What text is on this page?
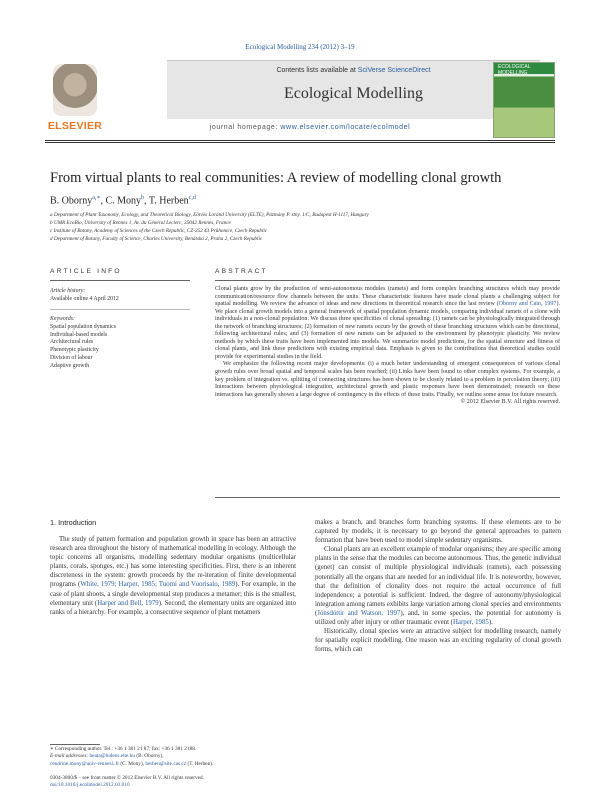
Ecological Modelling 234 (2012) 3–19
ELSEVIER
Contents lists available at SciVerse ScienceDirect
Ecological Modelling
ECOLOGICAL MODELLING
journal homepage: www.elsevier.com/locate/ecolmodel
From virtual plants to real communities: A review of modelling clonal growth
B. Oborny$^{a,∗}$, C. Mony$^b$, T. Herben$^{c,d}$
a Department of Plant Taxonomy, Ecology, and Theoretical Biology, Eötvös Loránd University (ELTE), Pázmány P. stny. 1/C, Budapest H-1117, Hungary
b UMR EcoBio, University of Rennes 1, Av. du Général Leclerc, 35042 Rennes, France
c Institute of Botany, Academy of Sciences of the Czech Republic, CZ-252 43 Průhonice, Czech Republic
d Department of Botany, Faculty of Science, Charles University, Benátská 2, Praha 2, Czech Republic
ARTICLE INFO	ABSTRACT
Article history:
Available online 4 April 2012
Keywords:
Spatial population dynamics
Individual-based models
Architectural rules
Phenotypic plasticity
Division of labour
Adaptive growth

Clonal plants grow by the production of semi-autonomous modules (ramets) and form complex branching structures which may provide communication/resource flow channels between the units. These characteristic features have made clonal plants a challenging subject for spatial modelling. We review the advance of ideas and new directions in theoretical research since the last review (Oborny and Cain, 1997). We place clonal growth models into a general framework of spatial population dynamic models, comparing individual ramets of a clone with individuals in a non-clonal population. We discuss three specificities of clonal spreading: (1) ramets can be physiologically integrated through the network of branching structures; (2) formation of new ramets occurs by the growth of these branching structures which can be directional, following architectural rules; and (3) formation of new ramets can be adjusted to the environment by phenotypic plasticity. We review methods by which these traits have been implemented into models. We summarize model predictions, for the spatial structure and fitness of clonal plants, and link these predictions with existing empirical data. Emphasis is given to the contributions that theoretical studies could provide for experimental studies in the field.

We emphasize the following recent major developments: (i) a much better understanding of emergent consequences of various clonal growth rules over broad spatial and temporal scales has been reached; (ii) Links have been found to other complex systems. For example, a key problem of integration vs. splitting of connecting structures has been shown to be closely related to a problem in percolation theory; (iii) Interactions between physiological integration, architectural growth and plastic responses have been demonstrated; research on these interactions has generally shown a large degree of contingency in the effects of these traits. Finally, we outline some areas for future research.

© 2012 Elsevier B.V. All rights reserved.
1. Introduction

The study of pattern formation and population growth in space has been an attractive research area throughout the history of mathematical modelling in ecology. Although the topic concerns all organisms, modelling sedentary modular organisms (multicellular plants, corals, sponges, etc.) has some interesting specificities. First, there is an inherent discreteness in the system: growth proceeds by the re-iteration of finite developmental programs (White, 1979; Harper, 1985; Tuomi and Vuorisalo, 1989). For example, in the case of plant shoots, a single developmental step produces a metamer; this is the smallest, elementary unit (Harper and Bell, 1979). Second, the elementary units are organized into ranks of a hierarchy. For example, a consecutive sequence of plant metamers

makes a branch, and branches form branching systems. If these elements are to be captured by models, it is necessary to go beyond the general approaches to pattern formation that have been used to model simple sedentary organisms.

Clonal plants are an excellent example of modular organisms; they are specific among plants in the sense that the modules can become autonomous. Thus, the genetic individual (genet) can consist of multiple physiological individuals (ramets), each possessing potentially all the organs that are needed for an individual life. It is noteworthy, however, that the definition of clonality does not require the actual occurrence of full independence; a potential is sufficient. Indeed, the degree of autonomy/physiological integration among ramets exhibits large variation among clonal species and environments (Jónsdóttir and Watson, 1997), and, in some species, the potential for autonomy is utilized only after injury or other traumatic event (Harper, 1985).

Historically, clonal species were an attractive subject for modelling research, namely for spatially explicit modelling. One reason was an exciting regularity of clonal growth forms, which can

∗ Corresponding author. Tel.: +36 1 381 21 87; fax: +36 1 381 2188.
E-mail addresses: beata@ludens.elte.hu (B. Oborny),
cendrine.mony@univ-rennes1.fr (C. Mony), herben@site.cas.cz (T. Herben).
0304-3800/$ – see front matter © 2012 Elsevier B.V. All rights reserved.
doi:10.1016/j.ecolmodel.2012.03.010
